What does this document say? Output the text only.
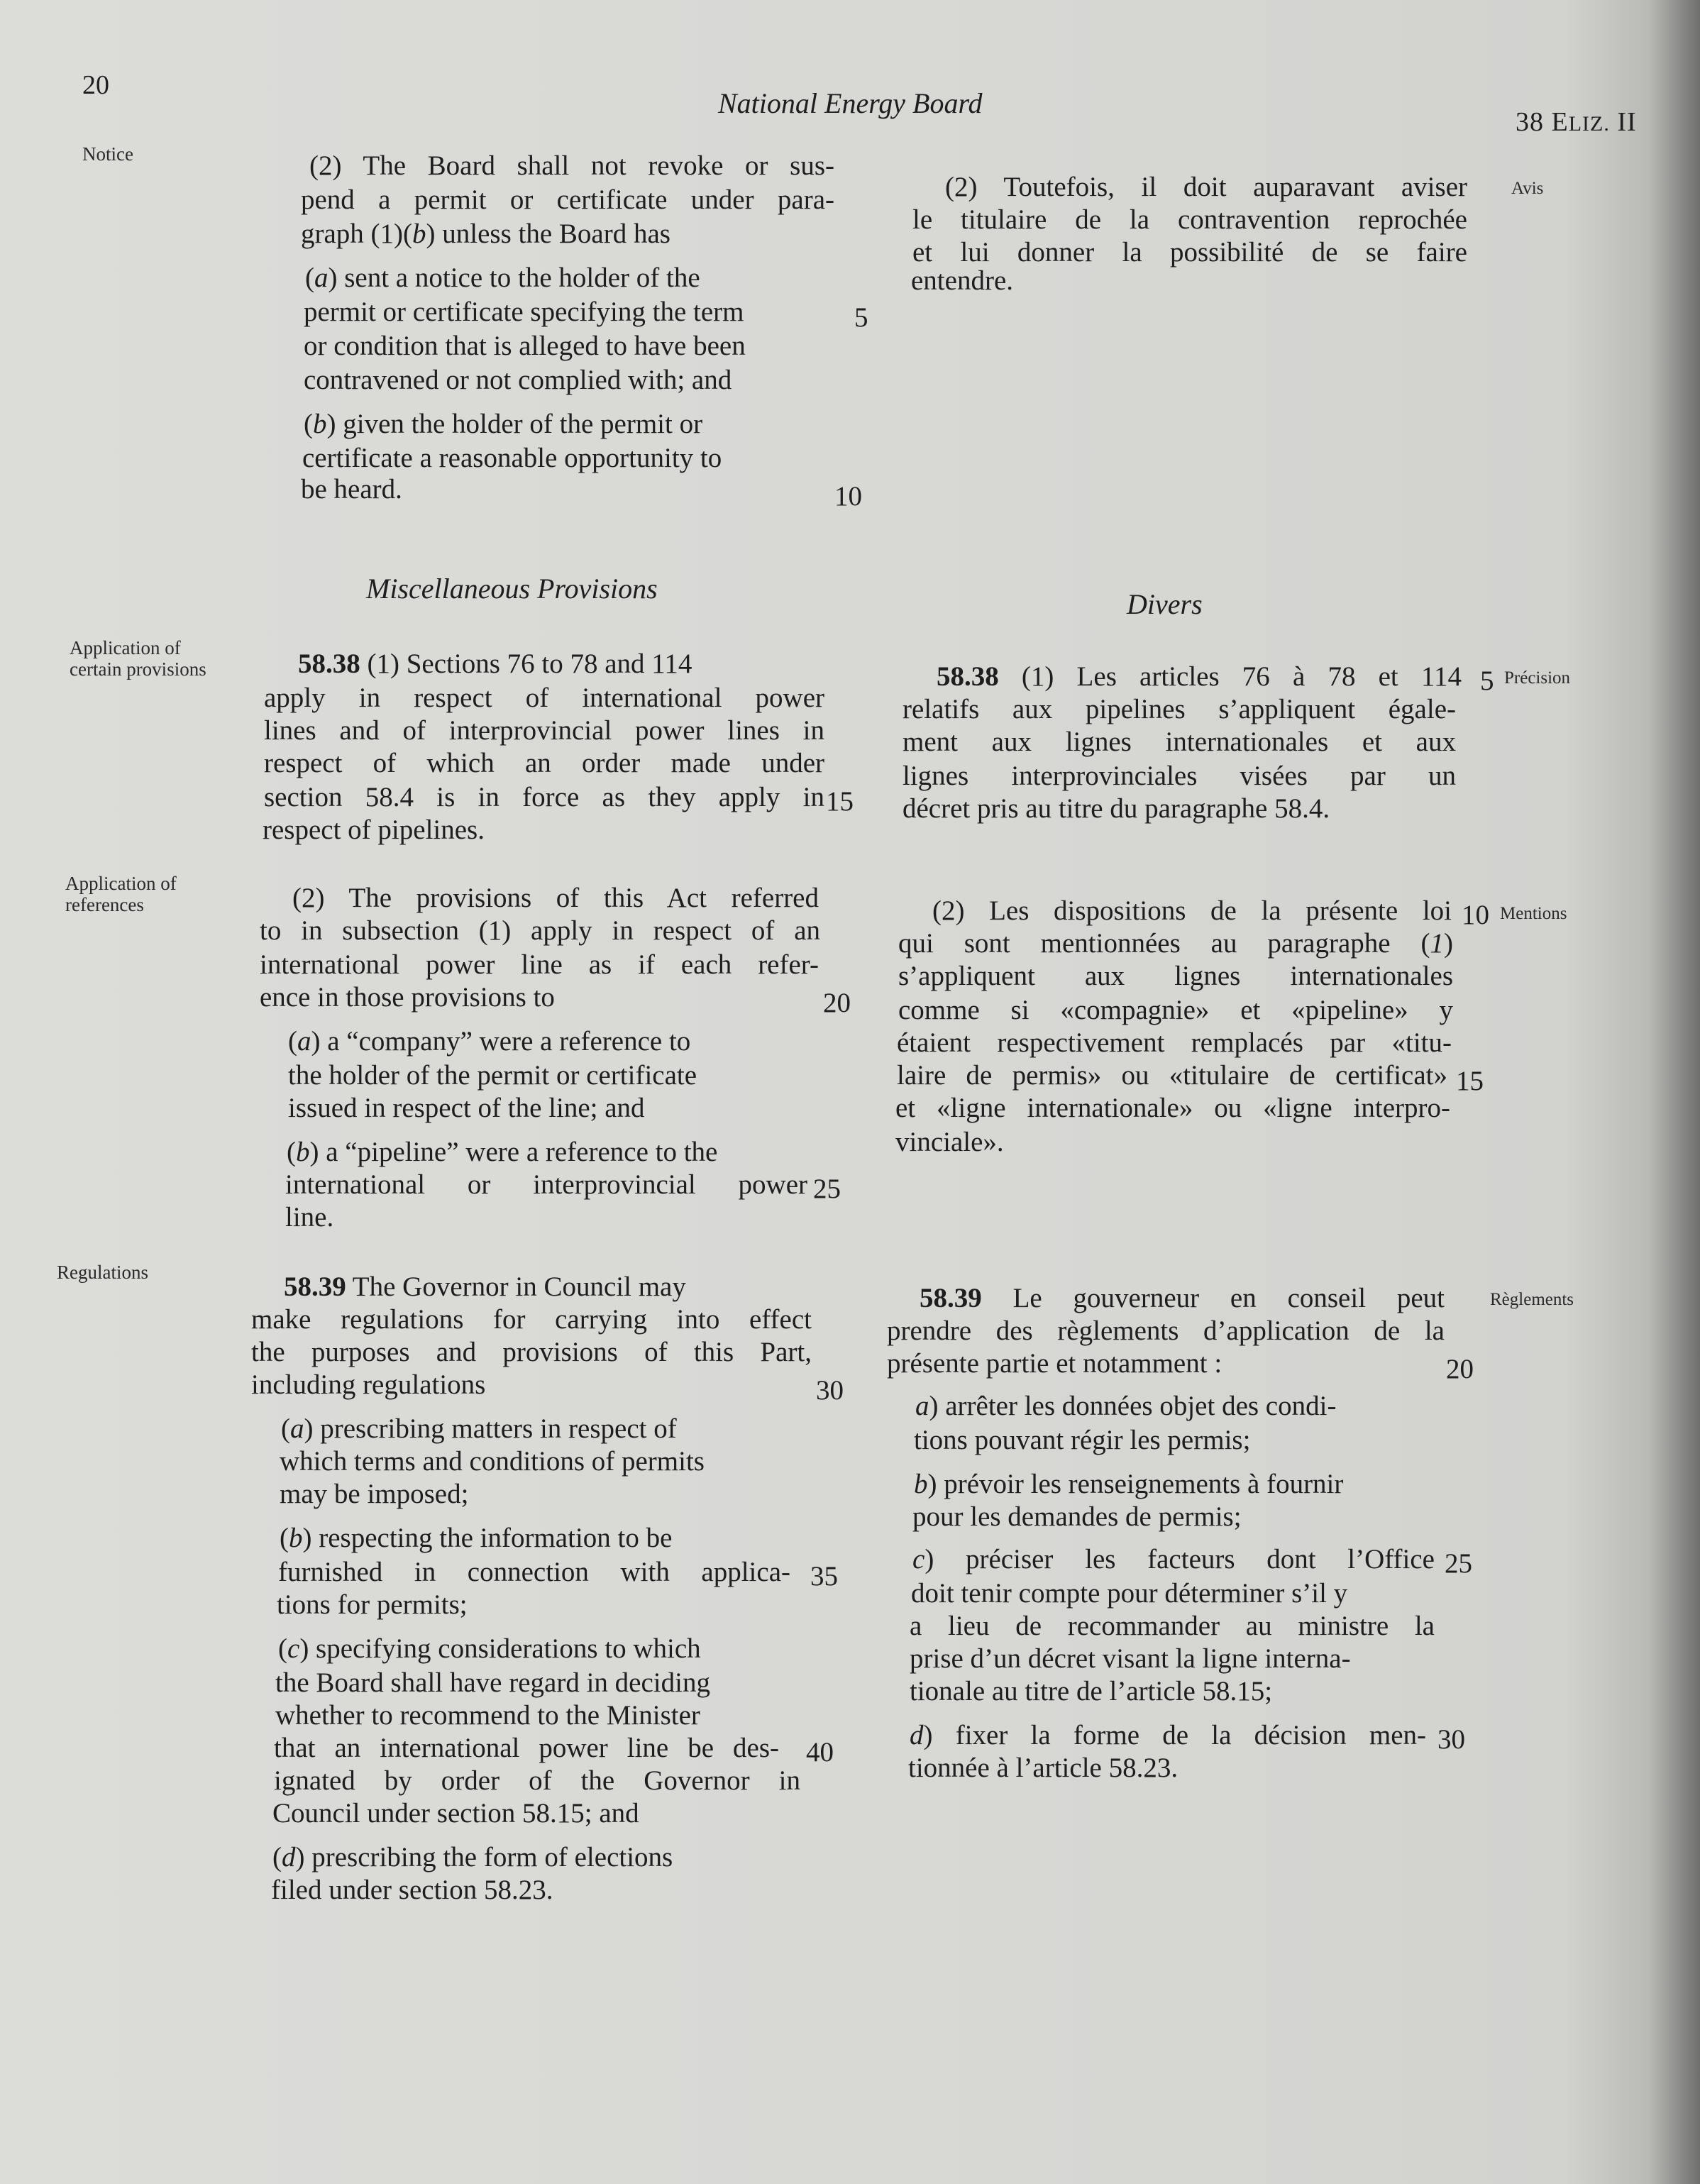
20
National Energy Board
38 ELIZ. II
Notice
Application of certain provisions
Application of references
Regulations
Avis
Précision
Mentions
Règlements
(2) The Board shall not revoke or sus-
pend a permit or certificate under para-
graph (1)(b) unless the Board has
(a) sent a notice to the holder of the
permit or certificate specifying the term
or condition that is alleged to have been
contravened or not complied with; and
(b) given the holder of the permit or
certificate a reasonable opportunity to
be heard.
Miscellaneous Provisions
58.38 (1) Sections 76 to 78 and 114
apply in respect of international power
lines and of interprovincial power lines in
respect of which an order made under
section 58.4 is in force as they apply in
respect of pipelines.
(2) The provisions of this Act referred
to in subsection (1) apply in respect of an
international power line as if each refer-
ence in those provisions to
(a) a “company” were a reference to
the holder of the permit or certificate
issued in respect of the line; and
(b) a “pipeline” were a reference to the
international or interprovincial power
line.
58.39 The Governor in Council may
make regulations for carrying into effect
the purposes and provisions of this Part,
including regulations
(a) prescribing matters in respect of
which terms and conditions of permits
may be imposed;
(b) respecting the information to be
furnished in connection with applica-
tions for permits;
(c) specifying considerations to which
the Board shall have regard in deciding
whether to recommend to the Minister
that an international power line be des-
ignated by order of the Governor in
Council under section 58.15; and
(d) prescribing the form of elections
filed under section 58.23.
5
10
15
20
25
30
35
40
(2) Toutefois, il doit auparavant aviser
le titulaire de la contravention reprochée
et lui donner la possibilité de se faire
entendre.
Divers
58.38 (1) Les articles 76 à 78 et 114
relatifs aux pipelines s’appliquent égale-
ment aux lignes internationales et aux
lignes interprovinciales visées par un
décret pris au titre du paragraphe 58.4.
(2) Les dispositions de la présente loi
qui sont mentionnées au paragraphe (1)
s’appliquent aux lignes internationales
comme si «compagnie» et «pipeline» y
étaient respectivement remplacés par «titu-
laire de permis» ou «titulaire de certificat»
et «ligne internationale» ou «ligne interpro-
vinciale».
58.39 Le gouverneur en conseil peut
prendre des règlements d’application de la
présente partie et notamment :
a) arrêter les données objet des condi-
tions pouvant régir les permis;
b) prévoir les renseignements à fournir
pour les demandes de permis;
c) préciser les facteurs dont l’Office
doit tenir compte pour déterminer s’il y
a lieu de recommander au ministre la
prise d’un décret visant la ligne interna-
tionale au titre de l’article 58.15;
d) fixer la forme de la décision men-
tionnée à l’article 58.23.
5
10
15
20
25
30
